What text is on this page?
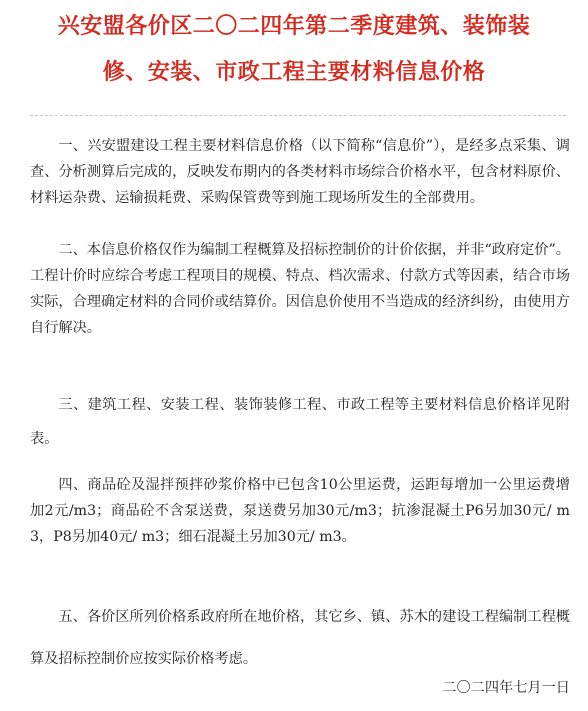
兴安盟各价区二〇二四年第二季度建筑、装饰装
修、安装、市政工程主要材料信息价格

一、兴安盟建设工程主要材料信息价格（以下简称“信息价”），是经多点采集、调查、分析测算后完成的，反映发布期内的各类材料市场综合价格水平，包含材料原价、材料运杂费、运输损耗费、采购保管费等到施工现场所发生的全部费用。

二、本信息价格仅作为编制工程概算及招标控制价的计价依据，并非“政府定价”。工程计价时应综合考虑工程项目的规模、特点、档次需求、付款方式等因素，结合市场实际，合理确定材料的合同价或结算价。因信息价使用不当造成的经济纠纷，由使用方自行解决。

三、建筑工程、安装工程、装饰装修工程、市政工程等主要材料信息价格详见附表。

四、商品砼及湿拌预拌砂浆价格中已包含10公里运费，运距每增加一公里运费增加2元/m3；商品砼不含泵送费，泵送费另加30元/m3；抗渗混凝土P6另加30元/ m3，P8另加40元/ m3；细石混凝土另加30元/ m3。

五、各价区所列价格系政府所在地价格，其它乡、镇、苏木的建设工程编制工程概算及招标控制价应按实际价格考虑。

二〇二四年七月一日
